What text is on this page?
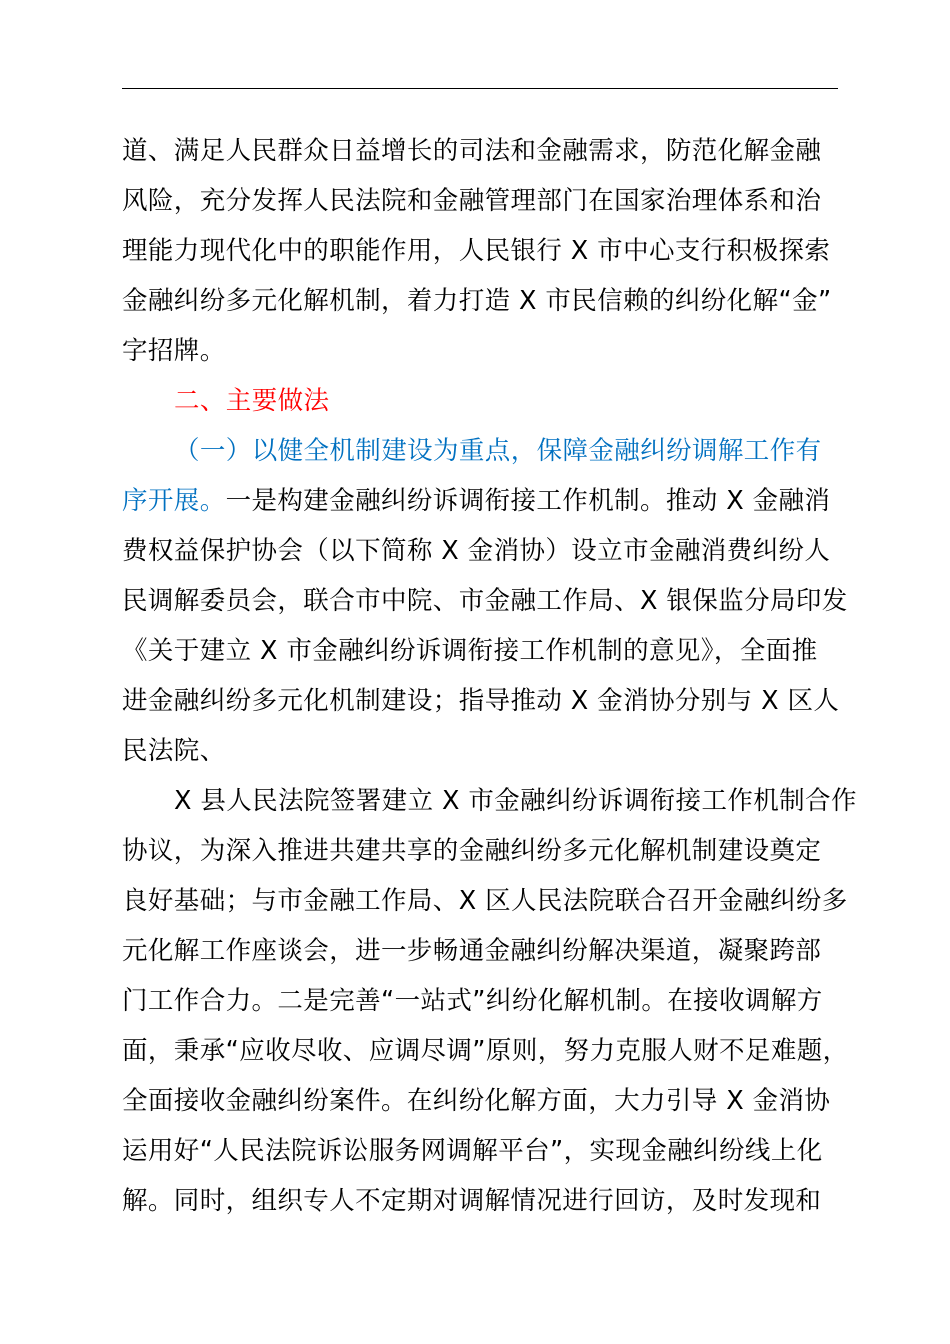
道、满足人民群众日益增长的司法和金融需求，防范化解金融
风险，充分发挥人民法院和金融管理部门在国家治理体系和治
理能力现代化中的职能作用，人民银行 X 市中心支行积极探索
金融纠纷多元化解机制，着力打造 X 市民信赖的纠纷化解“金”
字招牌。
二、主要做法
（一）以健全机制建设为重点，保障金融纠纷调解工作有
序开展。一是构建金融纠纷诉调衔接工作机制。推动 X 金融消
费权益保护协会（以下简称 X 金消协）设立市金融消费纠纷人
民调解委员会，联合市中院、市金融工作局、X 银保监分局印发
《关于建立 X 市金融纠纷诉调衔接工作机制的意见》，全面推
进金融纠纷多元化机制建设；指导推动 X 金消协分别与 X 区人
民法院、
X 县人民法院签署建立 X 市金融纠纷诉调衔接工作机制合作
协议，为深入推进共建共享的金融纠纷多元化解机制建设奠定
良好基础；与市金融工作局、X 区人民法院联合召开金融纠纷多
元化解工作座谈会，进一步畅通金融纠纷解决渠道，凝聚跨部
门工作合力。二是完善“一站式”纠纷化解机制。在接收调解方
面，秉承“应收尽收、应调尽调”原则，努力克服人财不足难题，
全面接收金融纠纷案件。在纠纷化解方面，大力引导 X 金消协
运用好“人民法院诉讼服务网调解平台”，实现金融纠纷线上化
解。同时，组织专人不定期对调解情况进行回访，及时发现和
